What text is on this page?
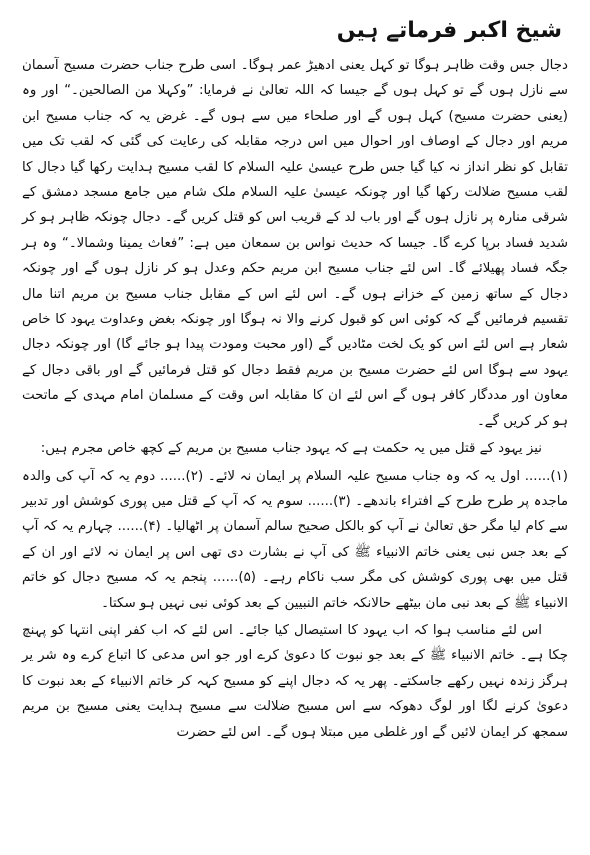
شیخ اکبر فرماتے ہیں

دجال جس وقت ظاہر ہوگا تو کہل یعنی ادھیڑ عمر ہوگا۔ اسی طرح جناب حضرت مسیح آسمان سے نازل ہوں گے تو کہل ہوں گے جیسا کہ اللہ تعالیٰ نے فرمایا: ”وکہلا من الصالحین۔“ اور وہ (یعنی حضرت مسیح) کہل ہوں گے اور صلحاء میں سے ہوں گے۔ غرض یہ کہ جناب مسیح ابن مریم اور دجال کے اوصاف اور احوال میں اس درجہ مقابلہ کی رعایت کی گئی کہ لقب تک میں تقابل کو نظر انداز نہ کیا گیا جس طرح عیسیٰ علیہ السلام کا لقب مسیح ہدایت رکھا گیا دجال کا لقب مسیح ضلالت رکھا گیا اور چونکہ عیسیٰ علیہ السلام ملک شام میں جامع مسجد دمشق کے شرقی منارہ پر نازل ہوں گے اور باب لد کے قریب اس کو قتل کریں گے۔ دجال چونکہ ظاہر ہو کر شدید فساد برپا کرے گا۔ جیسا کہ حدیث نواس بن سمعان میں ہے: ”فعاث یمینا وشمالا۔“ وہ ہر جگہ فساد پھیلائے گا۔ اس لئے جناب مسیح ابن مریم حکم وعدل ہو کر نازل ہوں گے اور چونکہ دجال کے ساتھ زمین کے خزانے ہوں گے۔ اس لئے اس کے مقابل جناب مسیح بن مریم اتنا مال تقسیم فرمائیں گے کہ کوئی اس کو قبول کرنے والا نہ ہوگا اور چونکہ بغض وعداوت یہود کا خاص شعار ہے اس لئے اس کو یک لخت مٹادیں گے (اور محبت ومودت پیدا ہو جائے گا) اور چونکہ دجال یہود سے ہوگا اس لئے حضرت مسیح بن مریم فقط دجال کو قتل فرمائیں گے اور باقی دجال کے معاون اور مددگار کافر ہوں گے اس لئے ان کا مقابلہ اس وقت کے مسلمان امام مہدی کے ماتحت ہو کر کریں گے۔

نیز یہود کے قتل میں یہ حکمت ہے کہ یہود جناب مسیح بن مریم کے کچھ خاص مجرم ہیں:

(۱)...... اول یہ کہ وہ جناب مسیح علیہ السلام پر ایمان نہ لائے۔ (۲)...... دوم یہ کہ آپ کی والدہ ماجدہ پر طرح طرح کے افتراء باندھے۔ (۳)...... سوم یہ کہ آپ کے قتل میں پوری کوشش اور تدبیر سے کام لیا مگر حق تعالیٰ نے آپ کو بالکل صحیح سالم آسمان پر اٹھالیا۔ (۴)...... چہارم یہ کہ آپ کے بعد جس نبی یعنی خاتم الانبیاء ﷺ کی آپ نے بشارت دی تھی اس پر ایمان نہ لائے اور ان کے قتل میں بھی پوری کوشش کی مگر سب ناکام رہے۔ (۵)...... پنجم یہ کہ مسیح دجال کو خاتم الانبیاء ﷺ کے بعد نبی مان بیٹھے حالانکہ خاتم النبیین کے بعد کوئی نبی نہیں ہو سکتا۔

اس لئے مناسب ہوا کہ اب یہود کا استیصال کیا جائے۔ اس لئے کہ اب کفر اپنی انتہا کو پہنچ چکا ہے۔ خاتم الانبیاء ﷺ کے بعد جو نبوت کا دعویٰ کرے اور جو اس مدعی کا اتباع کرے وہ شر یر ہرگز زندہ نہیں رکھے جاسکتے۔ پھر یہ کہ دجال اپنے کو مسیح کہہ کر خاتم الانبیاء کے بعد نبوت کا دعویٰ کرنے لگا اور لوگ دھوکہ سے اس مسیح ضلالت سے مسیح ہدایت یعنی مسیح بن مریم سمجھ کر ایمان لائیں گے اور غلطی میں مبتلا ہوں گے۔ اس لئے حضرت
